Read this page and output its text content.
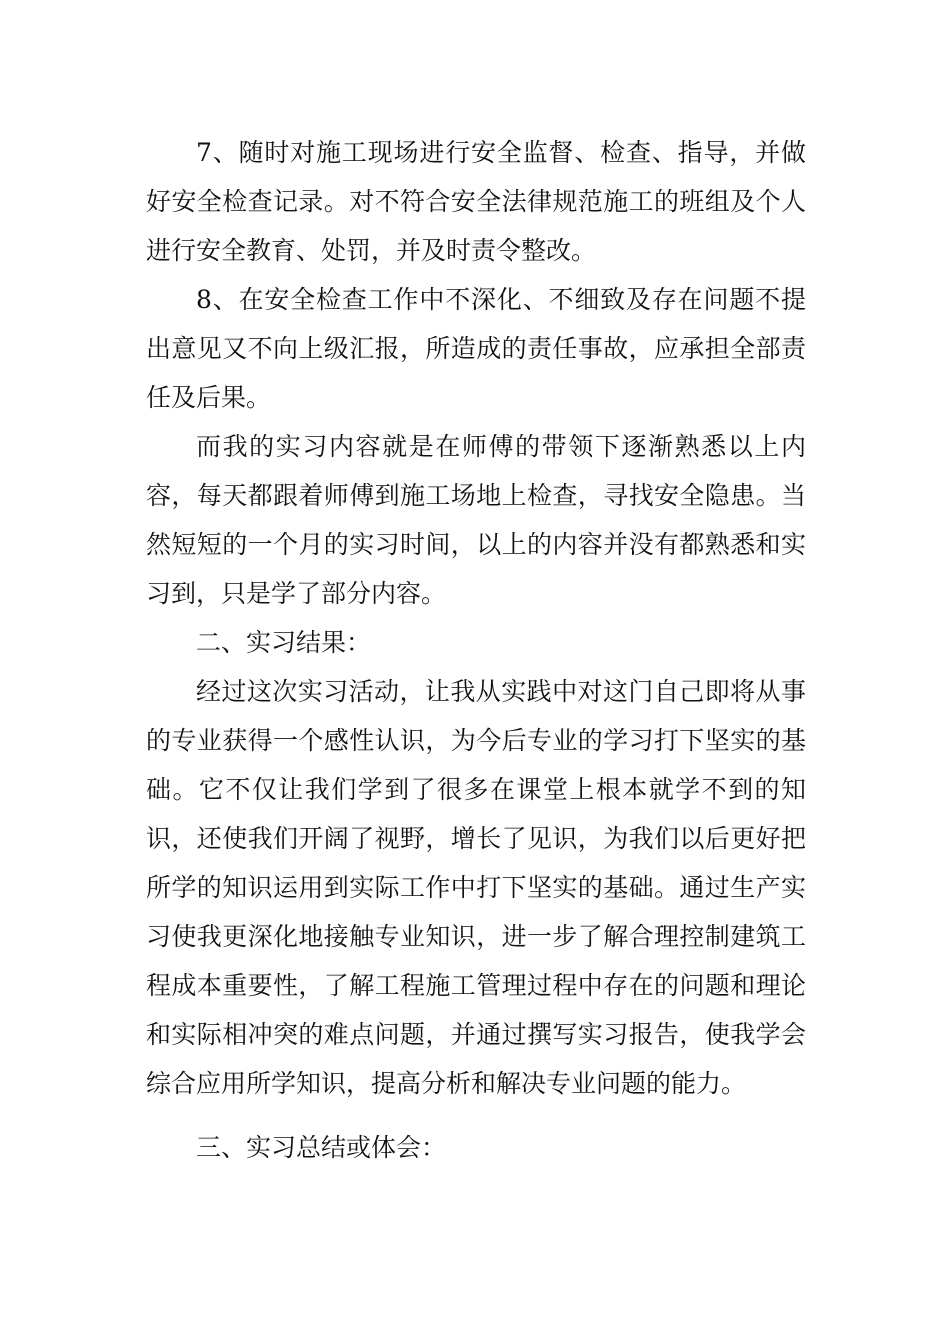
7、随时对施工现场进行安全监督、检查、指导，并做好安全检查记录。对不符合安全法律规范施工的班组及个人进行安全教育、处罚，并及时责令整改。

8、在安全检查工作中不深化、不细致及存在问题不提出意见又不向上级汇报，所造成的责任事故，应承担全部责任及后果。

而我的实习内容就是在师傅的带领下逐渐熟悉以上内容，每天都跟着师傅到施工场地上检查，寻找安全隐患。当然短短的一个月的实习时间，以上的内容并没有都熟悉和实习到，只是学了部分内容。

二、实习结果：

经过这次实习活动，让我从实践中对这门自己即将从事的专业获得一个感性认识，为今后专业的学习打下坚实的基础。它不仅让我们学到了很多在课堂上根本就学不到的知识，还使我们开阔了视野，增长了见识，为我们以后更好把所学的知识运用到实际工作中打下坚实的基础。通过生产实习使我更深化地接触专业知识，进一步了解合理控制建筑工程成本重要性，了解工程施工管理过程中存在的问题和理论和实际相冲突的难点问题，并通过撰写实习报告，使我学会综合应用所学知识，提高分析和解决专业问题的能力。

三、实习总结或体会：
